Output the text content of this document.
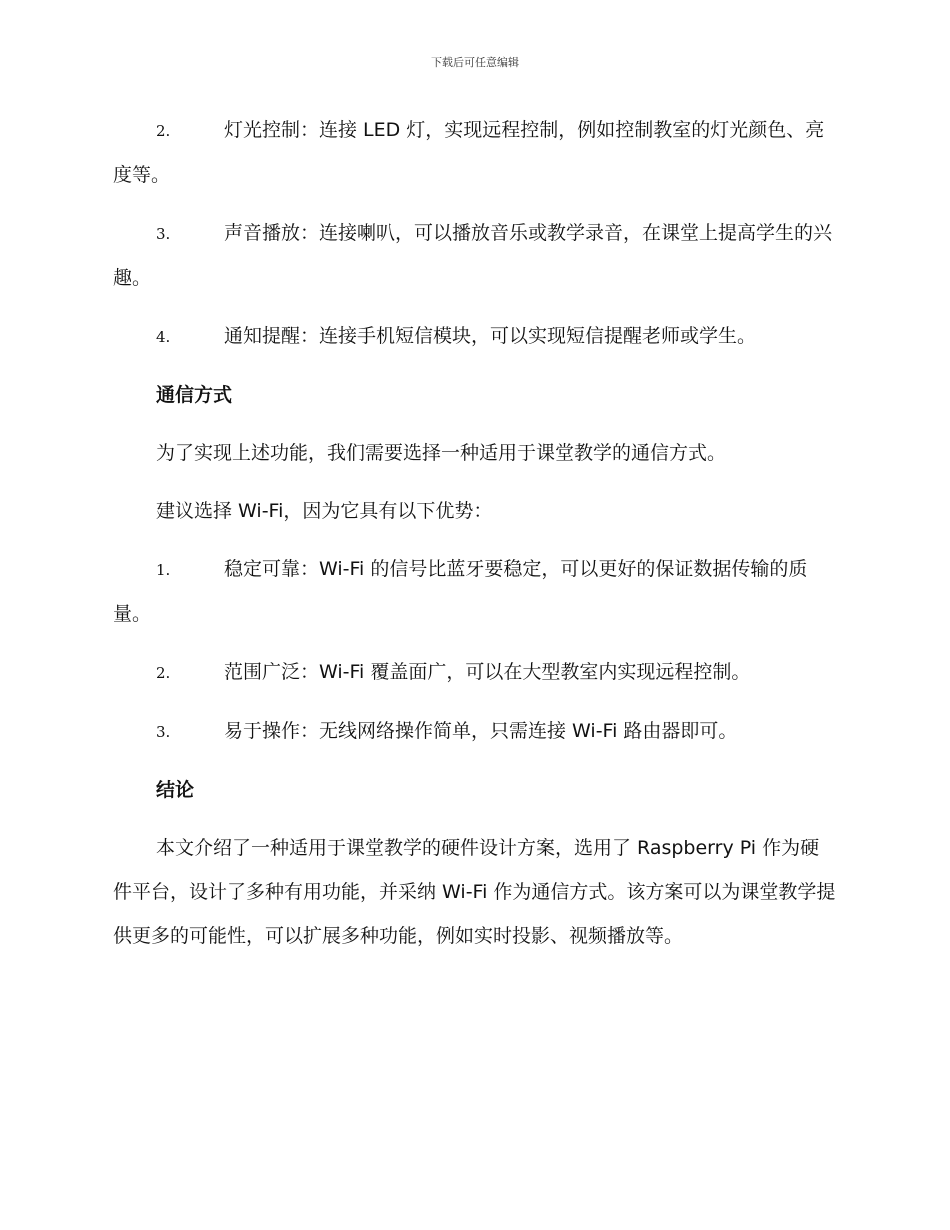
下载后可任意编辑

2.	灯光控制：连接 LED 灯，实现远程控制，例如控制教室的灯光颜色、亮度等。

3.	声音播放：连接喇叭，可以播放音乐或教学录音，在课堂上提高学生的兴趣。

4.	通知提醒：连接手机短信模块，可以实现短信提醒老师或学生。

通信方式

为了实现上述功能，我们需要选择一种适用于课堂教学的通信方式。

建议选择 Wi-Fi，因为它具有以下优势：

1.	稳定可靠：Wi-Fi 的信号比蓝牙要稳定，可以更好的保证数据传输的质量。

2.	范围广泛：Wi-Fi 覆盖面广，可以在大型教室内实现远程控制。

3.	易于操作：无线网络操作简单，只需连接 Wi-Fi 路由器即可。

结论

本文介绍了一种适用于课堂教学的硬件设计方案，选用了 Raspberry Pi 作为硬件平台，设计了多种有用功能，并采纳 Wi-Fi 作为通信方式。该方案可以为课堂教学提供更多的可能性，可以扩展多种功能，例如实时投影、视频播放等。
